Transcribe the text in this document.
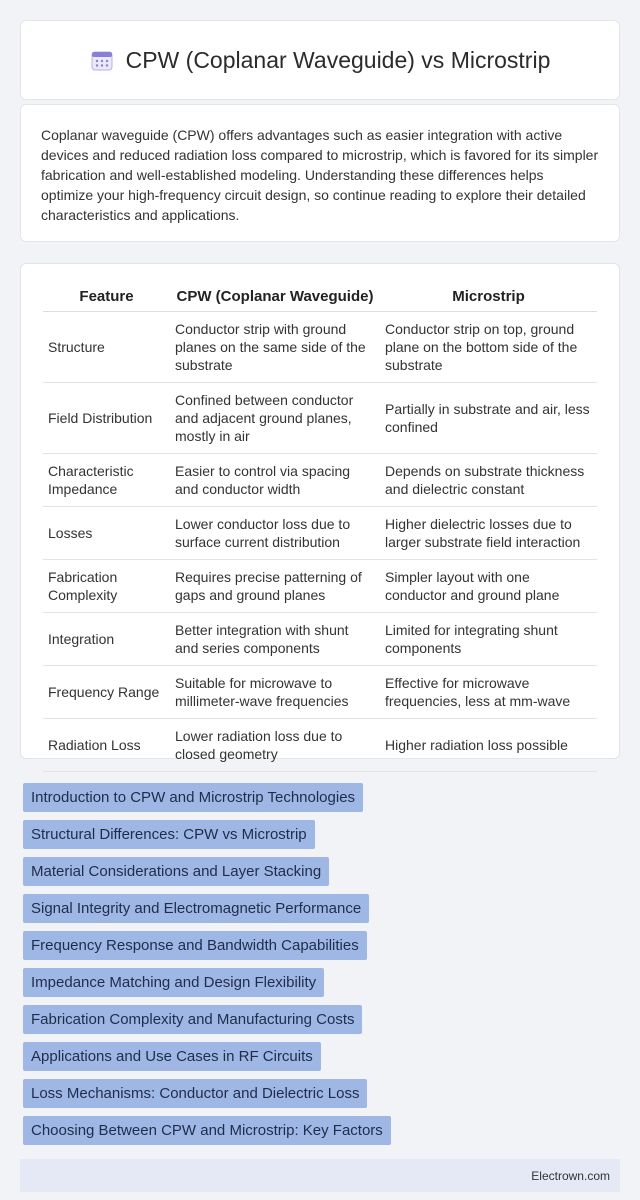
CPW (Coplanar Waveguide) vs Microstrip

Coplanar waveguide (CPW) offers advantages such as easier integration with active devices and reduced radiation loss compared to microstrip, which is favored for its simpler fabrication and well-established modeling. Understanding these differences helps optimize your high-frequency circuit design, so continue reading to explore their detailed characteristics and applications.

Feature	CPW (Coplanar Waveguide)	Microstrip
Structure	Conductor strip with ground planes on the same side of the substrate	Conductor strip on top, ground plane on the bottom side of the substrate
Field Distribution	Confined between conductor and adjacent ground planes, mostly in air	Partially in substrate and air, less confined
Characteristic Impedance	Easier to control via spacing and conductor width	Depends on substrate thickness and dielectric constant
Losses	Lower conductor loss due to surface current distribution	Higher dielectric losses due to larger substrate field interaction
Fabrication Complexity	Requires precise patterning of gaps and ground planes	Simpler layout with one conductor and ground plane
Integration	Better integration with shunt and series components	Limited for integrating shunt components
Frequency Range	Suitable for microwave to millimeter-wave frequencies	Effective for microwave frequencies, less at mm-wave
Radiation Loss	Lower radiation loss due to closed geometry	Higher radiation loss possible
Introduction to CPW and Microstrip Technologies
Structural Differences: CPW vs Microstrip
Material Considerations and Layer Stacking
Signal Integrity and Electromagnetic Performance
Frequency Response and Bandwidth Capabilities
Impedance Matching and Design Flexibility
Fabrication Complexity and Manufacturing Costs
Applications and Use Cases in RF Circuits
Loss Mechanisms: Conductor and Dielectric Loss
Choosing Between CPW and Microstrip: Key Factors
Electrown.com
